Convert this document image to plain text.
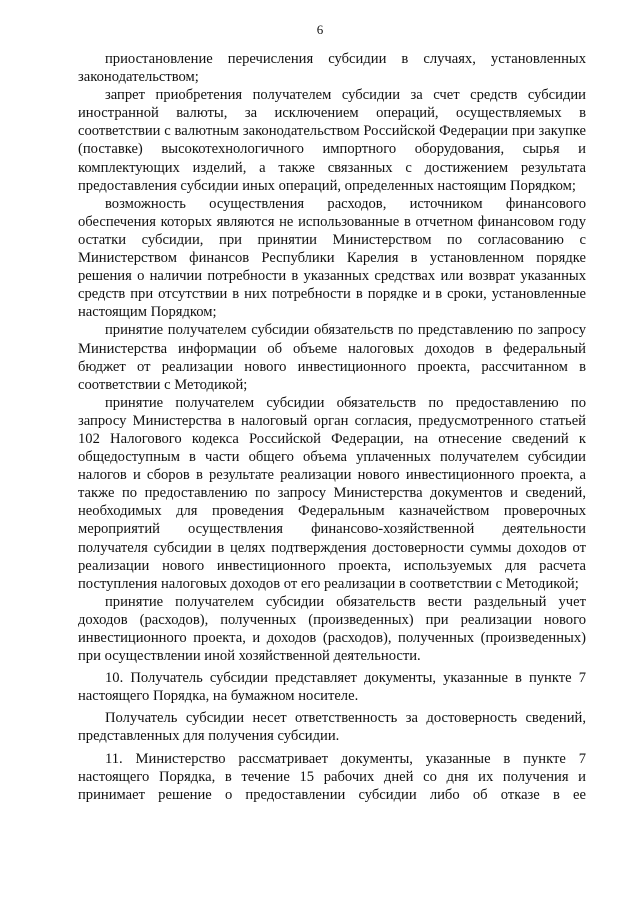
6

приостановление перечисления субсидии в случаях, установленных законодательством;

запрет приобретения получателем субсидии за счет средств субсидии иностранной валюты, за исключением операций, осуществляемых в соответствии с валютным законодательством Российской Федерации при закупке (поставке) высокотехнологичного импортного оборудования, сырья и комплектующих изделий, а также связанных с достижением результата предоставления субсидии иных операций, определенных настоящим Порядком;

возможность осуществления расходов, источником финансового обеспечения которых являются не использованные в отчетном финансовом году остатки субсидии, при принятии Министерством по согласованию с Министерством финансов Республики Карелия в установленном порядке решения о наличии потребности в указанных средствах или возврат указанных средств при отсутствии в них потребности в порядке и в сроки, установленные настоящим Порядком;

принятие получателем субсидии обязательств по представлению по запросу Министерства информации об объеме налоговых доходов в федеральный бюджет от реализации нового инвестиционного проекта, рассчитанном в соответствии с Методикой;

принятие получателем субсидии обязательств по предоставлению по запросу Министерства в налоговый орган согласия, предусмотренного статьей 102 Налогового кодекса Российской Федерации, на отнесение сведений к общедоступным в части общего объема уплаченных получателем субсидии налогов и сборов в результате реализации нового инвестиционного проекта, а также по предоставлению по запросу Министерства документов и сведений, необходимых для проведения Федеральным казначейством проверочных мероприятий осуществления финансово-хозяйственной деятельности получателя субсидии в целях подтверждения достоверности суммы доходов от реализации нового инвестиционного проекта, используемых для расчета поступления налоговых доходов от его реализации в соответствии с Методикой;

принятие получателем субсидии обязательств вести раздельный учет доходов (расходов), полученных (произведенных) при реализации нового инвестиционного проекта, и доходов (расходов), полученных (произведенных) при осуществлении иной хозяйственной деятельности.

10. Получатель субсидии представляет документы, указанные в пункте 7 настоящего Порядка, на бумажном носителе.

Получатель субсидии несет ответственность за достоверность сведений, представленных для получения субсидии.

11. Министерство рассматривает документы, указанные в пункте 7 настоящего Порядка, в течение 15 рабочих дней со дня их получения и принимает решение о предоставлении субсидии либо об отказе в ее
